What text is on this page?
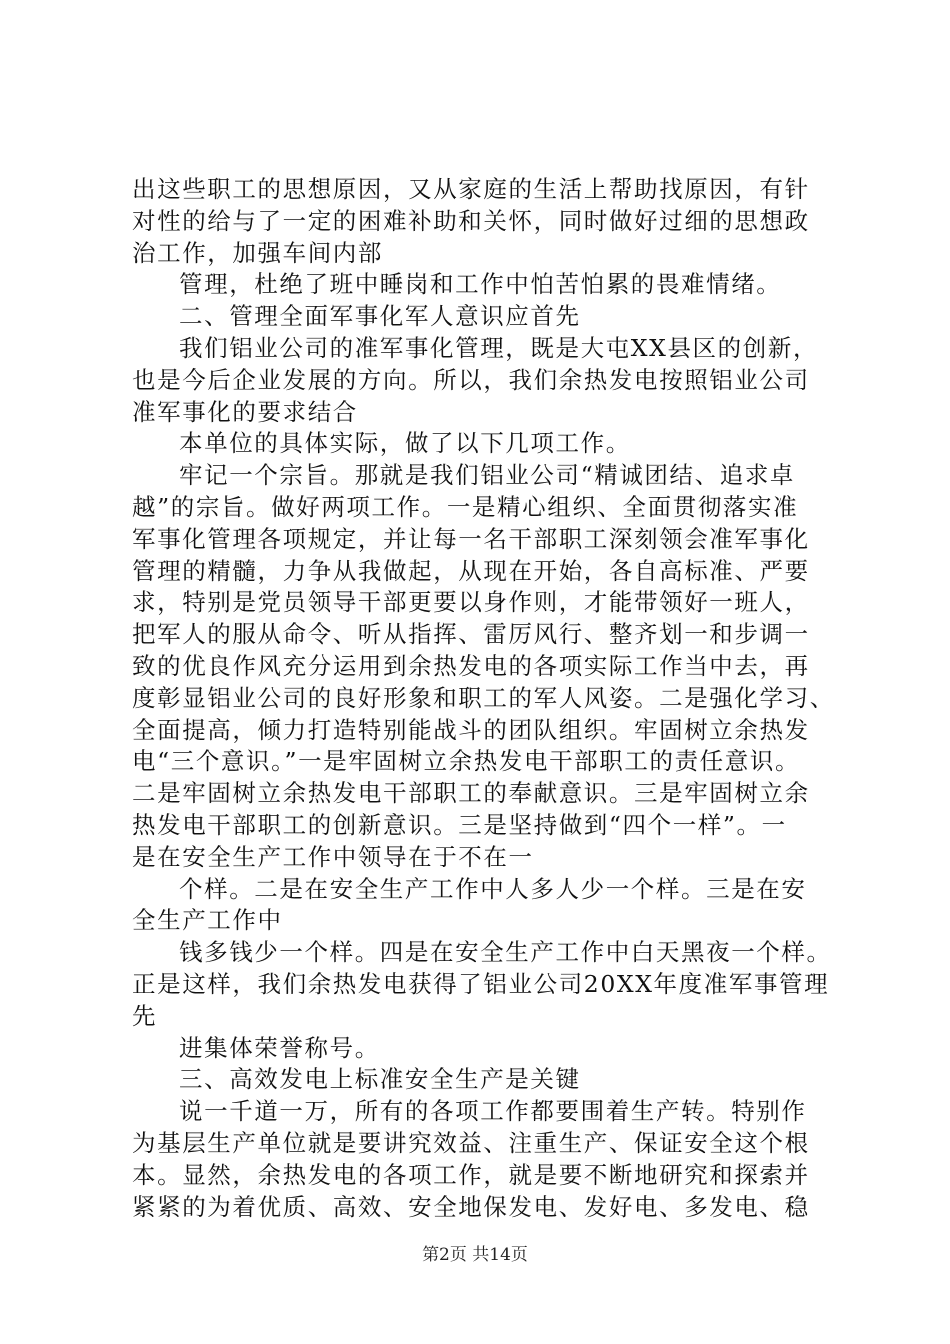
出这些职工的思想原因，又从家庭的生活上帮助找原因，有针
对性的给与了一定的困难补助和关怀，同时做好过细的思想政
治工作，加强车间内部
管理，杜绝了班中睡岗和工作中怕苦怕累的畏难情绪。
二、管理全面军事化军人意识应首先
我们铝业公司的准军事化管理，既是大屯XX县区的创新，
也是今后企业发展的方向。所以，我们余热发电按照铝业公司
准军事化的要求结合
本单位的具体实际，做了以下几项工作。
牢记一个宗旨。那就是我们铝业公司“精诚团结、追求卓
越”的宗旨。做好两项工作。一是精心组织、全面贯彻落实准
军事化管理各项规定，并让每一名干部职工深刻领会准军事化
管理的精髓，力争从我做起，从现在开始，各自高标准、严要
求，特别是党员领导干部更要以身作则，才能带领好一班人，
把军人的服从命令、听从指挥、雷厉风行、整齐划一和步调一
致的优良作风充分运用到余热发电的各项实际工作当中去，再
度彰显铝业公司的良好形象和职工的军人风姿。二是强化学习、
全面提高，倾力打造特别能战斗的团队组织。牢固树立余热发
电“三个意识。”一是牢固树立余热发电干部职工的责任意识。
二是牢固树立余热发电干部职工的奉献意识。三是牢固树立余
热发电干部职工的创新意识。三是坚持做到“四个一样”。一
是在安全生产工作中领导在于不在一
个样。二是在安全生产工作中人多人少一个样。三是在安
全生产工作中
钱多钱少一个样。四是在安全生产工作中白天黑夜一个样。
正是这样，我们余热发电获得了铝业公司20XX年度准军事管理
先
进集体荣誉称号。
三、高效发电上标准安全生产是关键
说一千道一万，所有的各项工作都要围着生产转。特别作
为基层生产单位就是要讲究效益、注重生产、保证安全这个根
本。显然，余热发电的各项工作，就是要不断地研究和探索并
紧紧的为着优质、高效、安全地保发电、发好电、多发电、稳
第2页 共14页
